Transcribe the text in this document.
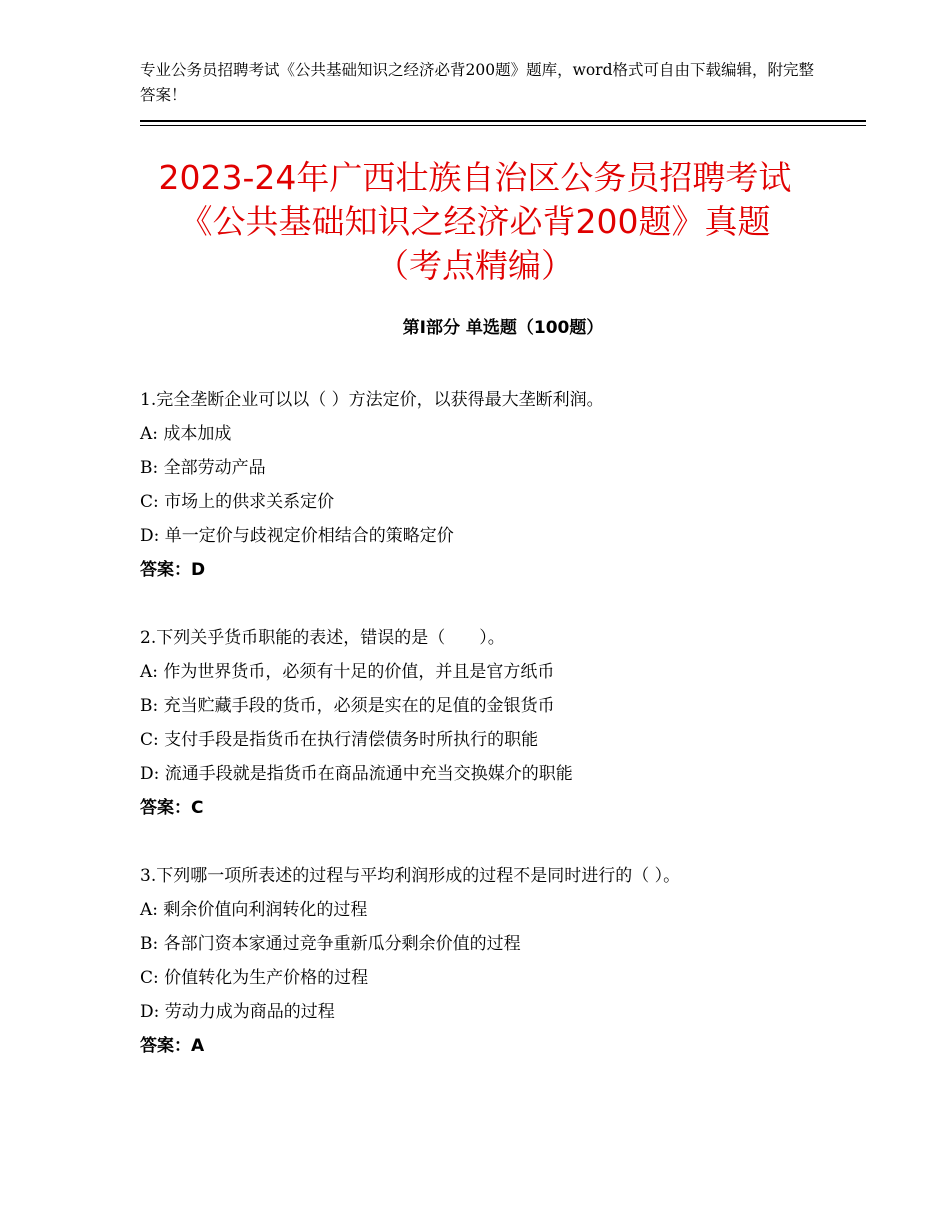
专业公务员招聘考试《公共基础知识之经济必背200题》题库，word格式可自由下载编辑，附完整答案！
2023-24年广西壮族自治区公务员招聘考试
《公共基础知识之经济必背200题》真题
（考点精编）
第Ⅰ部分 单选题（100题）
1.完全垄断企业可以以（ ）方法定价，以获得最大垄断利润。
A: 成本加成
B: 全部劳动产品
C: 市场上的供求关系定价
D: 单一定价与歧视定价相结合的策略定价
答案：D
2.下列关乎货币职能的表述，错误的是（　　）。
A: 作为世界货币，必须有十足的价值，并且是官方纸币
B: 充当贮藏手段的货币，必须是实在的足值的金银货币
C: 支付手段是指货币在执行清偿债务时所执行的职能
D: 流通手段就是指货币在商品流通中充当交换媒介的职能
答案：C
3.下列哪一项所表述的过程与平均利润形成的过程不是同时进行的（ ）。
A: 剩余价值向利润转化的过程
B: 各部门资本家通过竞争重新瓜分剩余价值的过程
C: 价值转化为生产价格的过程
D: 劳动力成为商品的过程
答案：A
